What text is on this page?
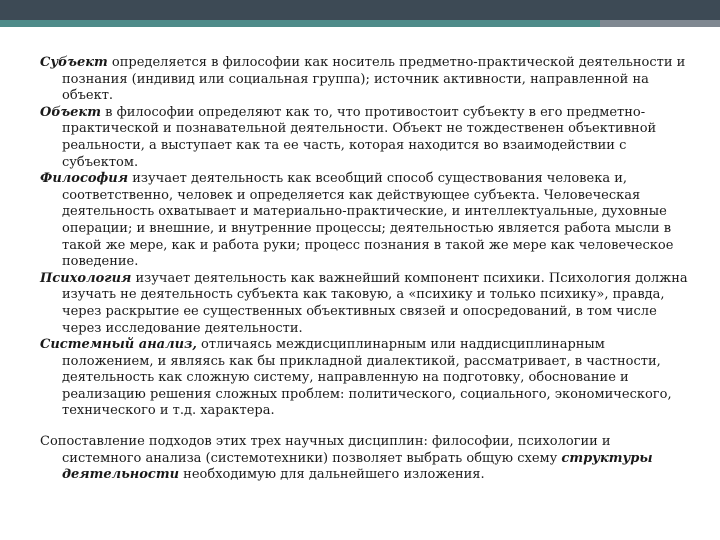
Субъект определяется в философии как носитель предметно-практической деятельности и познания (индивид или социальная группа); источник активности, направленной на объект.

Объект в философии определяют как то, что противостоит субъекту в его предметно-практической и познавательной деятельности. Объект не тождественен объективной реальности, а выступает как та ее часть, которая находится во взаимодействии с субъектом.

Философия изучает деятельность как всеобщий способ существования человека и, соответственно, человек и определяется как действующее субъекта. Человеческая деятельность охватывает и материально-практические, и интеллектуальные, духовные операции; и внешние, и внутренние процессы; деятельностью является работа мысли в такой же мере, как и работа руки; процесс познания в такой же мере как человеческое поведение.

Психология изучает деятельность как важнейший компонент психики. Психология должна изучать не деятельность субъекта как таковую, а «психику и только психику», правда, через раскрытие ее существенных объективных связей и опосредований, в том числе через исследование деятельности.

Системный анализ, отличаясь междисциплинарным или наддисциплинарным положением, и являясь как бы прикладной диалектикой, рассматривает, в частности, деятельность как сложную систему, направленную на подготовку, обоснование и реализацию решения сложных проблем: политического, социального, экономического, технического и т.д. характера.

Сопоставление подходов этих трех научных дисциплин: философии, психологии и системного анализа (системотехники) позволяет выбрать общую схему структуры деятельности необходимую для дальнейшего изложения.
